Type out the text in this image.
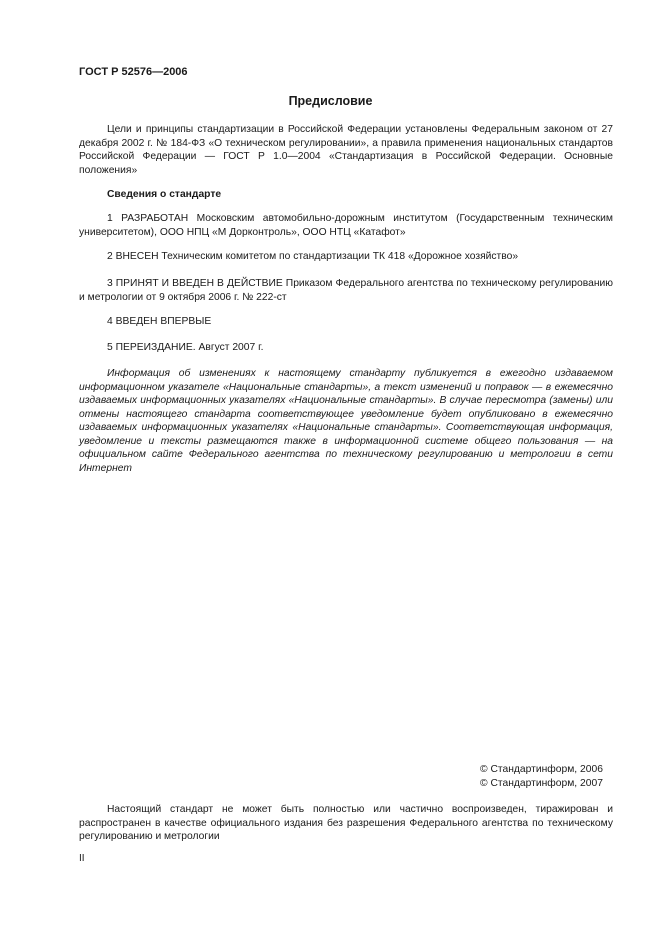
ГОСТ Р 52576—2006
Предисловие
Цели и принципы стандартизации в Российской Федерации установлены Федеральным законом от 27 декабря 2002 г. № 184-ФЗ «О техническом регулировании», а правила применения национальных стандартов Российской Федерации — ГОСТ Р 1.0—2004 «Стандартизация в Российской Федерации. Основные положения»
Сведения о стандарте
1 РАЗРАБОТАН Московским автомобильно-дорожным институтом (Государственным техническим университетом), ООО НПЦ «М Дорконтроль», ООО НТЦ «Катафот»
2 ВНЕСЕН Техническим комитетом по стандартизации ТК 418 «Дорожное хозяйство»
3 ПРИНЯТ И ВВЕДЕН В ДЕЙСТВИЕ Приказом Федерального агентства по техническому регулированию и метрологии от 9 октября 2006 г. № 222-ст
4 ВВЕДЕН ВПЕРВЫЕ
5 ПЕРЕИЗДАНИЕ. Август 2007 г.
Информация об изменениях к настоящему стандарту публикуется в ежегодно издаваемом информационном указателе «Национальные стандарты», а текст изменений и поправок — в ежемесячно издаваемых информационных указателях «Национальные стандарты». В случае пересмотра (замены) или отмены настоящего стандарта соответствующее уведомление будет опубликовано в ежемесячно издаваемых информационных указателях «Национальные стандарты». Соответствующая информация, уведомление и тексты размещаются также в информационной системе общего пользования — на официальном сайте Федерального агентства по техническому регулированию и метрологии в сети Интернет
© Стандартинформ, 2006
© Стандартинформ, 2007
Настоящий стандарт не может быть полностью или частично воспроизведен, тиражирован и распространен в качестве официального издания без разрешения Федерального агентства по техническому регулированию и метрологии
II
